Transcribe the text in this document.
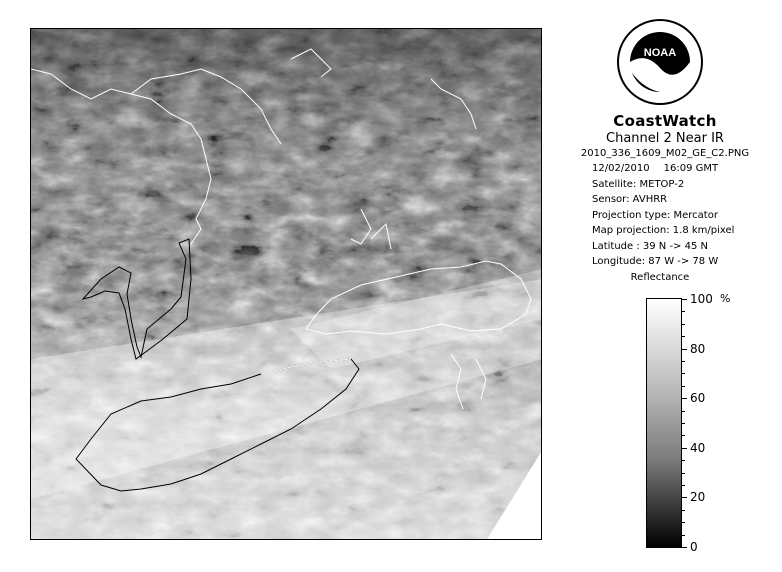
NOAA
CoastWatch
Channel 2 Near IR
2010_336_1609_M02_GE_C2.PNG
12/02/2010 16:09 GMT
Satellite: METOP-2
Sensor: AVHRR
Projection type: Mercator
Map projection: 1.8 km/pixel
Latitude : 39 N -> 45 N
Longitude: 87 W -> 78 W
Reflectance
%
100
80
60
40
20
0
